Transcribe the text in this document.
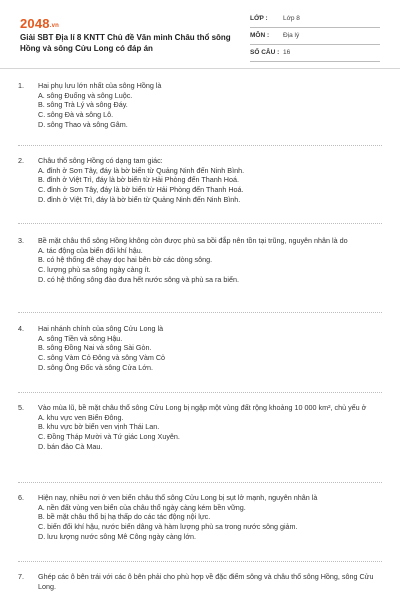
2048.vn
Giải SBT Địa lí 8 KNTT Chủ đề Văn minh Châu thổ sông Hồng và sông Cửu Long có đáp án
LỚP : Lớp 8
MÔN : Địa lý
SỐ CÂU : 16
1.	Hai phụ lưu lớn nhất của sông Hồng là
A. sông Đuống và sông Luộc.
B. sông Trà Lý và sông Đáy.
C. sông Đà và sông Lô.
D. sông Thao và sông Gâm.
2.	Châu thổ sông Hồng có dạng tam giác:
A. đỉnh ở Sơn Tây, đáy là bờ biển từ Quảng Ninh đến Ninh Bình.
B. đỉnh ở Việt Trì, đáy là bờ biển từ Hải Phòng đến Thanh Hoá.
C. đỉnh ở Sơn Tây, đáy là bờ biển từ Hải Phòng đến Thanh Hoá.
D. đỉnh ở Việt Trì, đáy là bờ biển từ Quảng Ninh đến Ninh Bình.
3.	Bề mặt châu thổ sông Hồng không còn được phù sa bồi đắp nên tồn tại trũng, nguyên nhân là do
A. tác động của biển đối khí hậu.
B. có hệ thống đê chạy dọc hai bên bờ các dòng sông.
C. lượng phù sa sông ngày càng ít.
D. có hệ thống sông đào đưa hết nước sông và phù sa ra biển.
4.	Hai nhánh chính của sông Cửu Long là
A. sông Tiền và sông Hậu.
B. sông Đồng Nai và sông Sài Gòn.
C. sông Vàm Cỏ Đông và sông Vàm Cỏ
D. sông Ông Đốc và sông Cửa Lớn.
5.	Vào mùa lũ, bề mặt châu thổ sông Cửu Long bị ngập một vùng đất rộng khoảng 10 000 km², chủ yếu ở
A. khu vực ven Biển Đông.
B. khu vực bờ biển ven vịnh Thái Lan.
C. Đồng Tháp Mười và Tứ giác Long Xuyên.
D. bán đảo Cà Mau.
6.	Hiện nay, nhiều nơi ở ven biển châu thổ sông Cửu Long bị sụt lở mạnh, nguyên nhân là
A. nền đất vùng ven biển của châu thổ ngày càng kém bền vững.
B. bề mặt châu thổ bị hạ thấp do các tác động nội lực.
C. biến đổi khí hậu, nước biển dâng và hàm lượng phù sa trong nước sông giảm.
D. lưu lượng nước sông Mê Công ngày càng lớn.
7.	Ghép các ô bên trái với các ô bên phải cho phù hợp về đặc điểm sông và châu thổ sông Hồng, sông Cửu Long.
